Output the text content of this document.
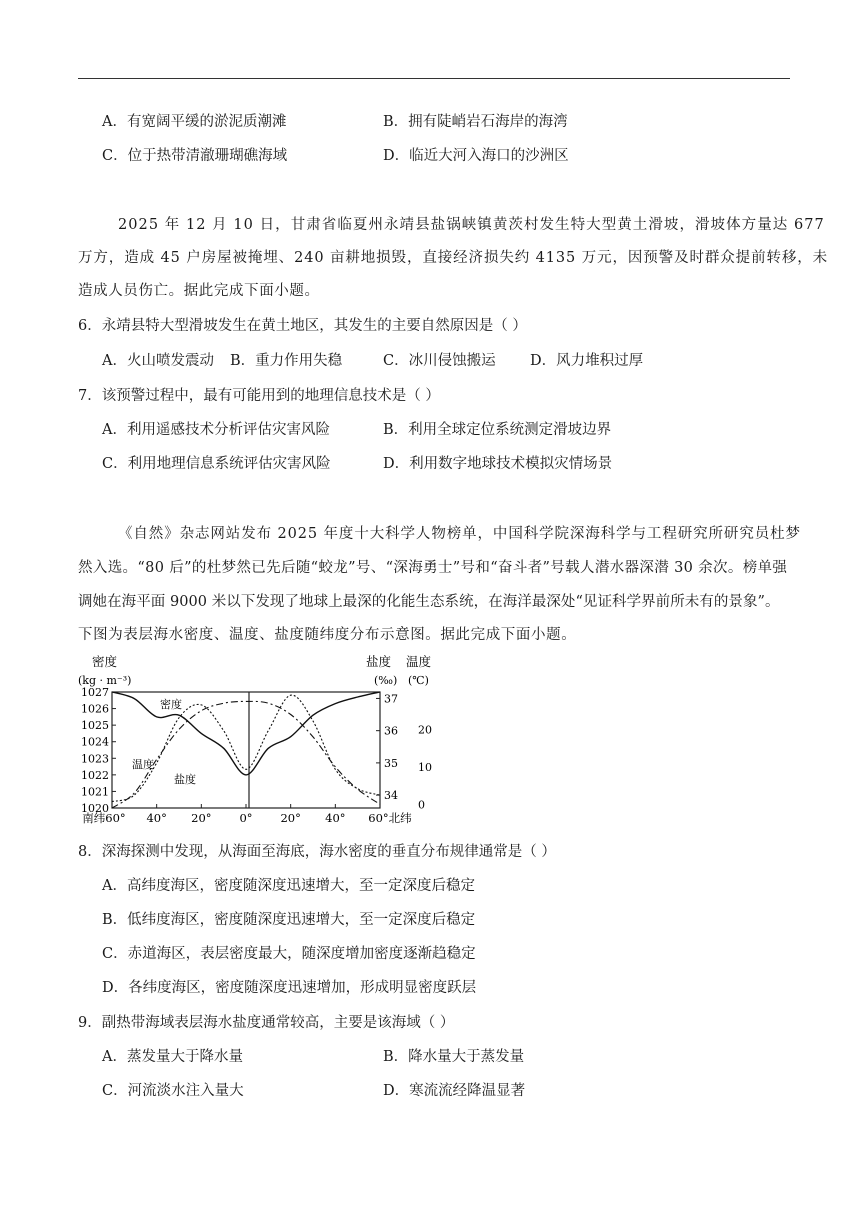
A．有宽阔平缓的淤泥质潮滩	B．拥有陡峭岩石海岸的海湾
C．位于热带清澈珊瑚礁海域	D．临近大河入海口的沙洲区
2025 年 12 月 10 日，甘肃省临夏州永靖县盐锅峡镇黄茨村发生特大型黄土滑坡，滑坡体方量达 677
万方，造成 45 户房屋被掩埋、240 亩耕地损毁，直接经济损失约 4135 万元，因预警及时群众提前转移，未
造成人员伤亡。据此完成下面小题。
6．永靖县特大型滑坡发生在黄土地区，其发生的主要自然原因是（ ）
A．火山喷发震动 B．重力作用失稳	C．冰川侵蚀搬运 D．风力堆积过厚
7．该预警过程中，最有可能用到的地理信息技术是（ ）
A．利用遥感技术分析评估灾害风险	B．利用全球定位系统测定滑坡边界
C．利用地理信息系统评估灾害风险	D．利用数字地球技术模拟灾情场景
《自然》杂志网站发布 2025 年度十大科学人物榜单，中国科学院深海科学与工程研究所研究员杜梦
然入选。“80 后”的杜梦然已先后随“蛟龙”号、“深海勇士”号和“奋斗者”号载人潜水器深潜 30 余次。榜单强
调她在海平面 9000 米以下发现了地球上最深的化能生态系统，在海洋最深处“见证科学界前所未有的景象”。
下图为表层海水密度、温度、盐度随纬度分布示意图。据此完成下面小题。
密度
(kg · m⁻³)
盐度
(‰)
温度
(℃)
1027
1026
1025
1024
1023
1022
1021
1020
37
36
35
34
20
10
0
南纬60° 40° 20° 0° 20° 40° 60°北纬
密度
温度
盐度
8．深海探测中发现，从海面至海底，海水密度的垂直分布规律通常是（ ）
A．高纬度海区，密度随深度迅速增大，至一定深度后稳定
B．低纬度海区，密度随深度迅速增大，至一定深度后稳定
C．赤道海区，表层密度最大，随深度增加密度逐渐趋稳定
D．各纬度海区，密度随深度迅速增加，形成明显密度跃层
9．副热带海域表层海水盐度通常较高，主要是该海域（ ）
A．蒸发量大于降水量	B．降水量大于蒸发量
C．河流淡水注入量大	D．寒流流经降温显著
